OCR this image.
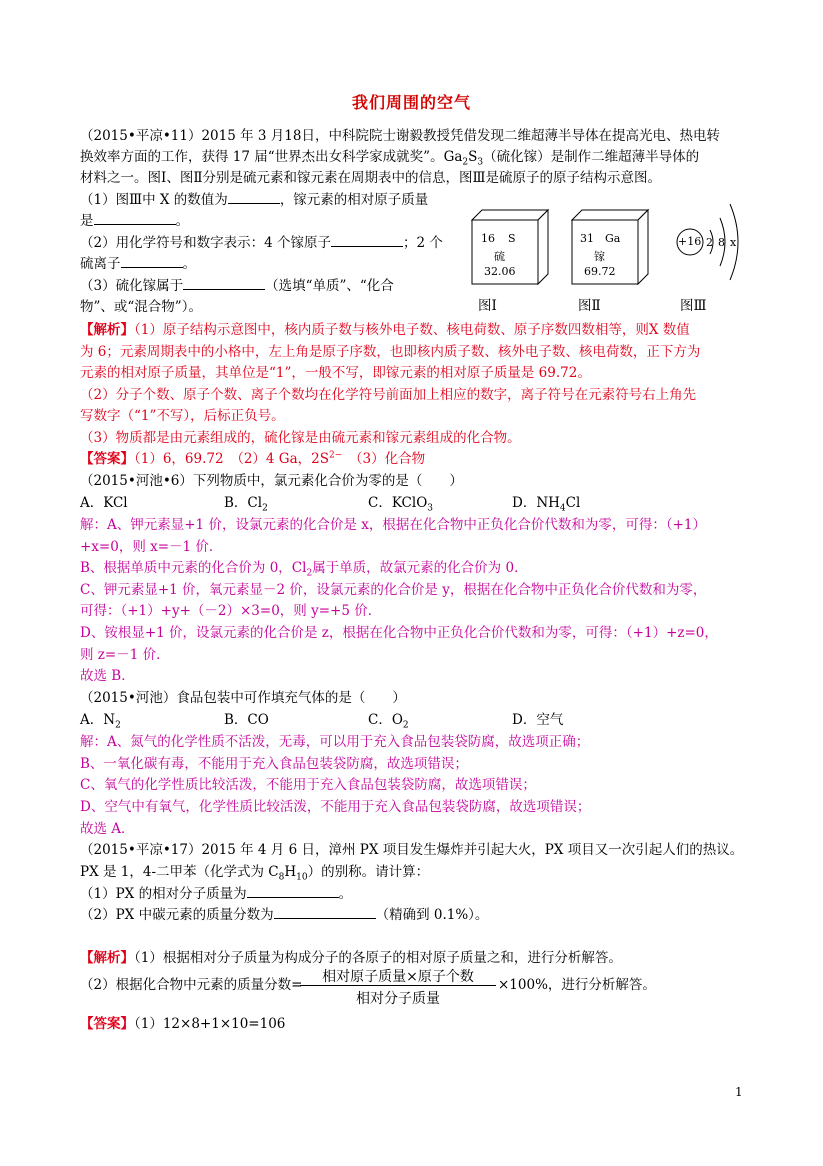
我们周围的空气
（2015•平凉•11）2015 年 3 月18日，中科院院士谢毅教授凭借发现二维超薄半导体在提高光电、热电转
换效率方面的工作，获得 17 届“世界杰出女科学家成就奖”。$Ga_2S_3$（硫化镓）是制作二维超薄半导体的
材料之一。图Ⅰ、图Ⅱ分别是硫元素和镓元素在周期表中的信息，图Ⅲ是硫原子的原子结构示意图。
（1）图Ⅲ中 X 的数值为	，镓元素的相对原子质量
是	。
（2）用化学符号和数字表示：4 个镓原子	；2 个
硫离子	。
（3）硫化镓属于	（选填“单质”、“化合
物”、或“混合物”）。
16 S
硫
32.06
图Ⅰ
31 Ga
镓
69.72
图Ⅱ
+16 2 8 x
图Ⅲ
【解析】（1）原子结构示意图中，核内质子数与核外电子数、核电荷数、原子序数四数相等，则X 数值
为 6；元素周期表中的小格中，左上角是原子序数，也即核内质子数、核外电子数、核电荷数，正下方为
元素的相对原子质量，其单位是“1”，一般不写，即镓元素的相对原子质量是 69.72。
（2）分子个数、原子个数、离子个数均在化学符号前面加上相应的数字，离子符号在元素符号右上角先
写数字（“1”不写），后标正负号。
（3）物质都是由元素组成的，硫化镓是由硫元素和镓元素组成的化合物。
【答案】（1）6，69.72　（2）4 Ga，$2S^{2-}$　（3）化合物
（2015•河池•6）下列物质中，氯元素化合价为零的是（　　）
A．KCl	B．$Cl_2$	C．KClO$_3$	D．$NH_4Cl$
解：A、钾元素显+1 价，设氯元素的化合价是 x，根据在化合物中正负化合价代数和为零，可得：（+1）
+x=0，则 x=－1 价．
B、根据单质中元素的化合价为 0，$Cl_2$属于单质，故氯元素的化合价为 0．
C、钾元素显+1 价，氧元素显－2 价，设氯元素的化合价是 y，根据在化合物中正负化合价代数和为零，
可得：（+1）+y+（－2）×3=0，则 y=+5 价．
D、铵根显+1 价，设氯元素的化合价是 z，根据在化合物中正负化合价代数和为零，可得：（+1）+z=0，
则 z=－1 价．
故选 B．
（2015•河池）食品包装中可作填充气体的是（　　）
A．$N_2$	B．CO	C．$O_2$	D．空气
解：A、氮气的化学性质不活泼，无毒，可以用于充入食品包装袋防腐，故选项正确；
B、一氧化碳有毒，不能用于充入食品包装袋防腐，故选项错误；
C、氧气的化学性质比较活泼，不能用于充入食品包装袋防腐，故选项错误；
D、空气中有氧气，化学性质比较活泼，不能用于充入食品包装袋防腐，故选项错误；
故选 A．
（2015•平凉•17）2015 年 4 月 6 日，漳州 PX 项目发生爆炸并引起大火，PX 项目又一次引起人们的热议。
PX 是 1，4-二甲苯（化学式为 $C_8H_{10}$）的别称。请计算：
（1）PX 的相对分子质量为	。
（2）PX 中碳元素的质量分数为	（精确到 0.1%）。
【解析】（1）根据相对分子质量为构成分子的各原子的相对原子质量之和，进行分析解答。
（2）根据化合物中元素的质量分数=	相对原子质量×原子个数
相对分子质量
×100%，进行分析解答。
【答案】（1）12×8+1×10=106
1
